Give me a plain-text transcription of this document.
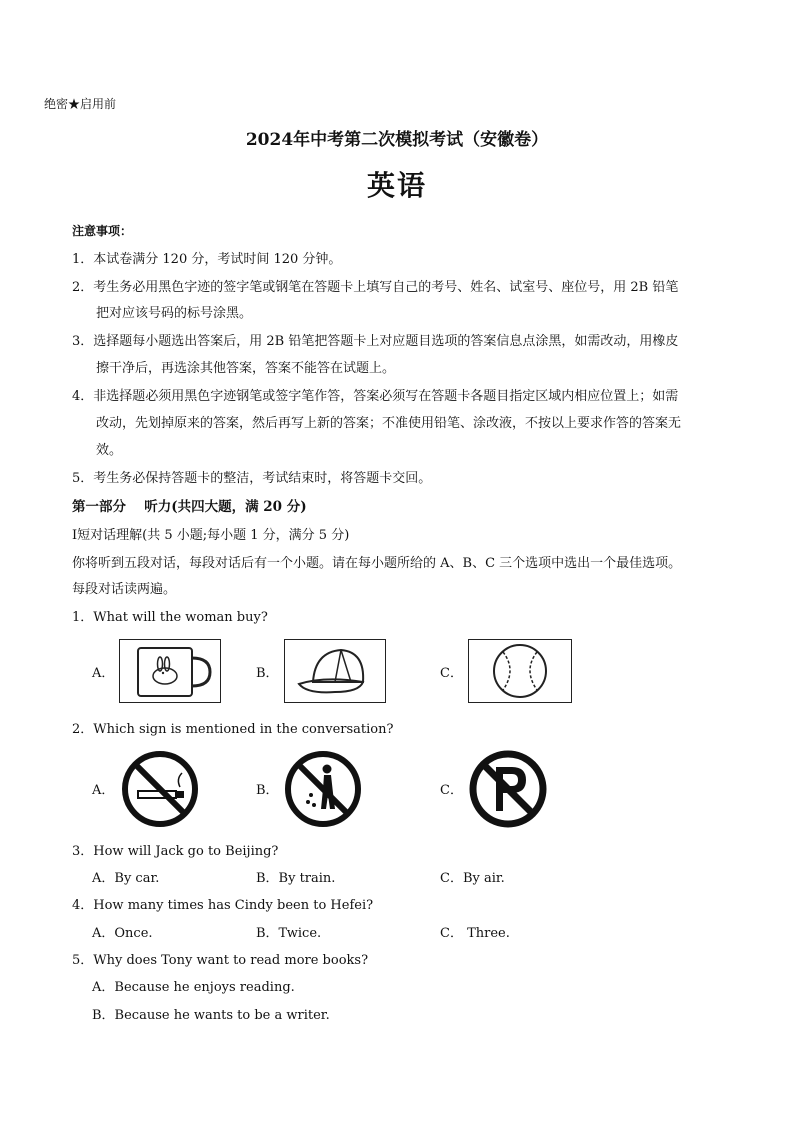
绝密★启用前
2024年中考第二次模拟考试（安徽卷）
英语
注意事项：
1．本试卷满分 120 分，考试时间 120 分钟。
2．考生务必用黑色字迹的签字笔或钢笔在答题卡上填写自己的考号、姓名、试室号、座位号，用 2B 铅笔
把对应该号码的标号涂黑。
3．选择题每小题选出答案后，用 2B 铅笔把答题卡上对应题目选项的答案信息点涂黑，如需改动，用橡皮
擦干净后，再选涂其他答案，答案不能答在试题上。
4．非选择题必须用黑色字迹钢笔或签字笔作答，答案必须写在答题卡各题目指定区域内相应位置上；如需
改动，先划掉原来的答案，然后再写上新的答案；不准使用铅笔、涂改液，不按以上要求作答的答案无
效。
5．考生务必保持答题卡的整洁，考试结束时，将答题卡交回。
第一部分　 听力(共四大题，满 20 分)
Ⅰ短对话理解(共 5 小题;每小题 1 分，满分 5 分)
你将听到五段对话，每段对话后有一个小题。请在每小题所给的 A、B、C 三个选项中选出一个最佳选项。
每段对话读两遍。
1．What will the woman buy?
A．	B．	C．
2．Which sign is mentioned in the conversation?
A．	B．	C．
3．How will Jack go to Beijing?
A．By car.	B．By train.	C．By air.
4．How many times has Cindy been to Hefei?
A．Once.	B．Twice.	C． Three.
5．Why does Tony want to read more books?
A．Because he enjoys reading.
B．Because he wants to be a writer.
